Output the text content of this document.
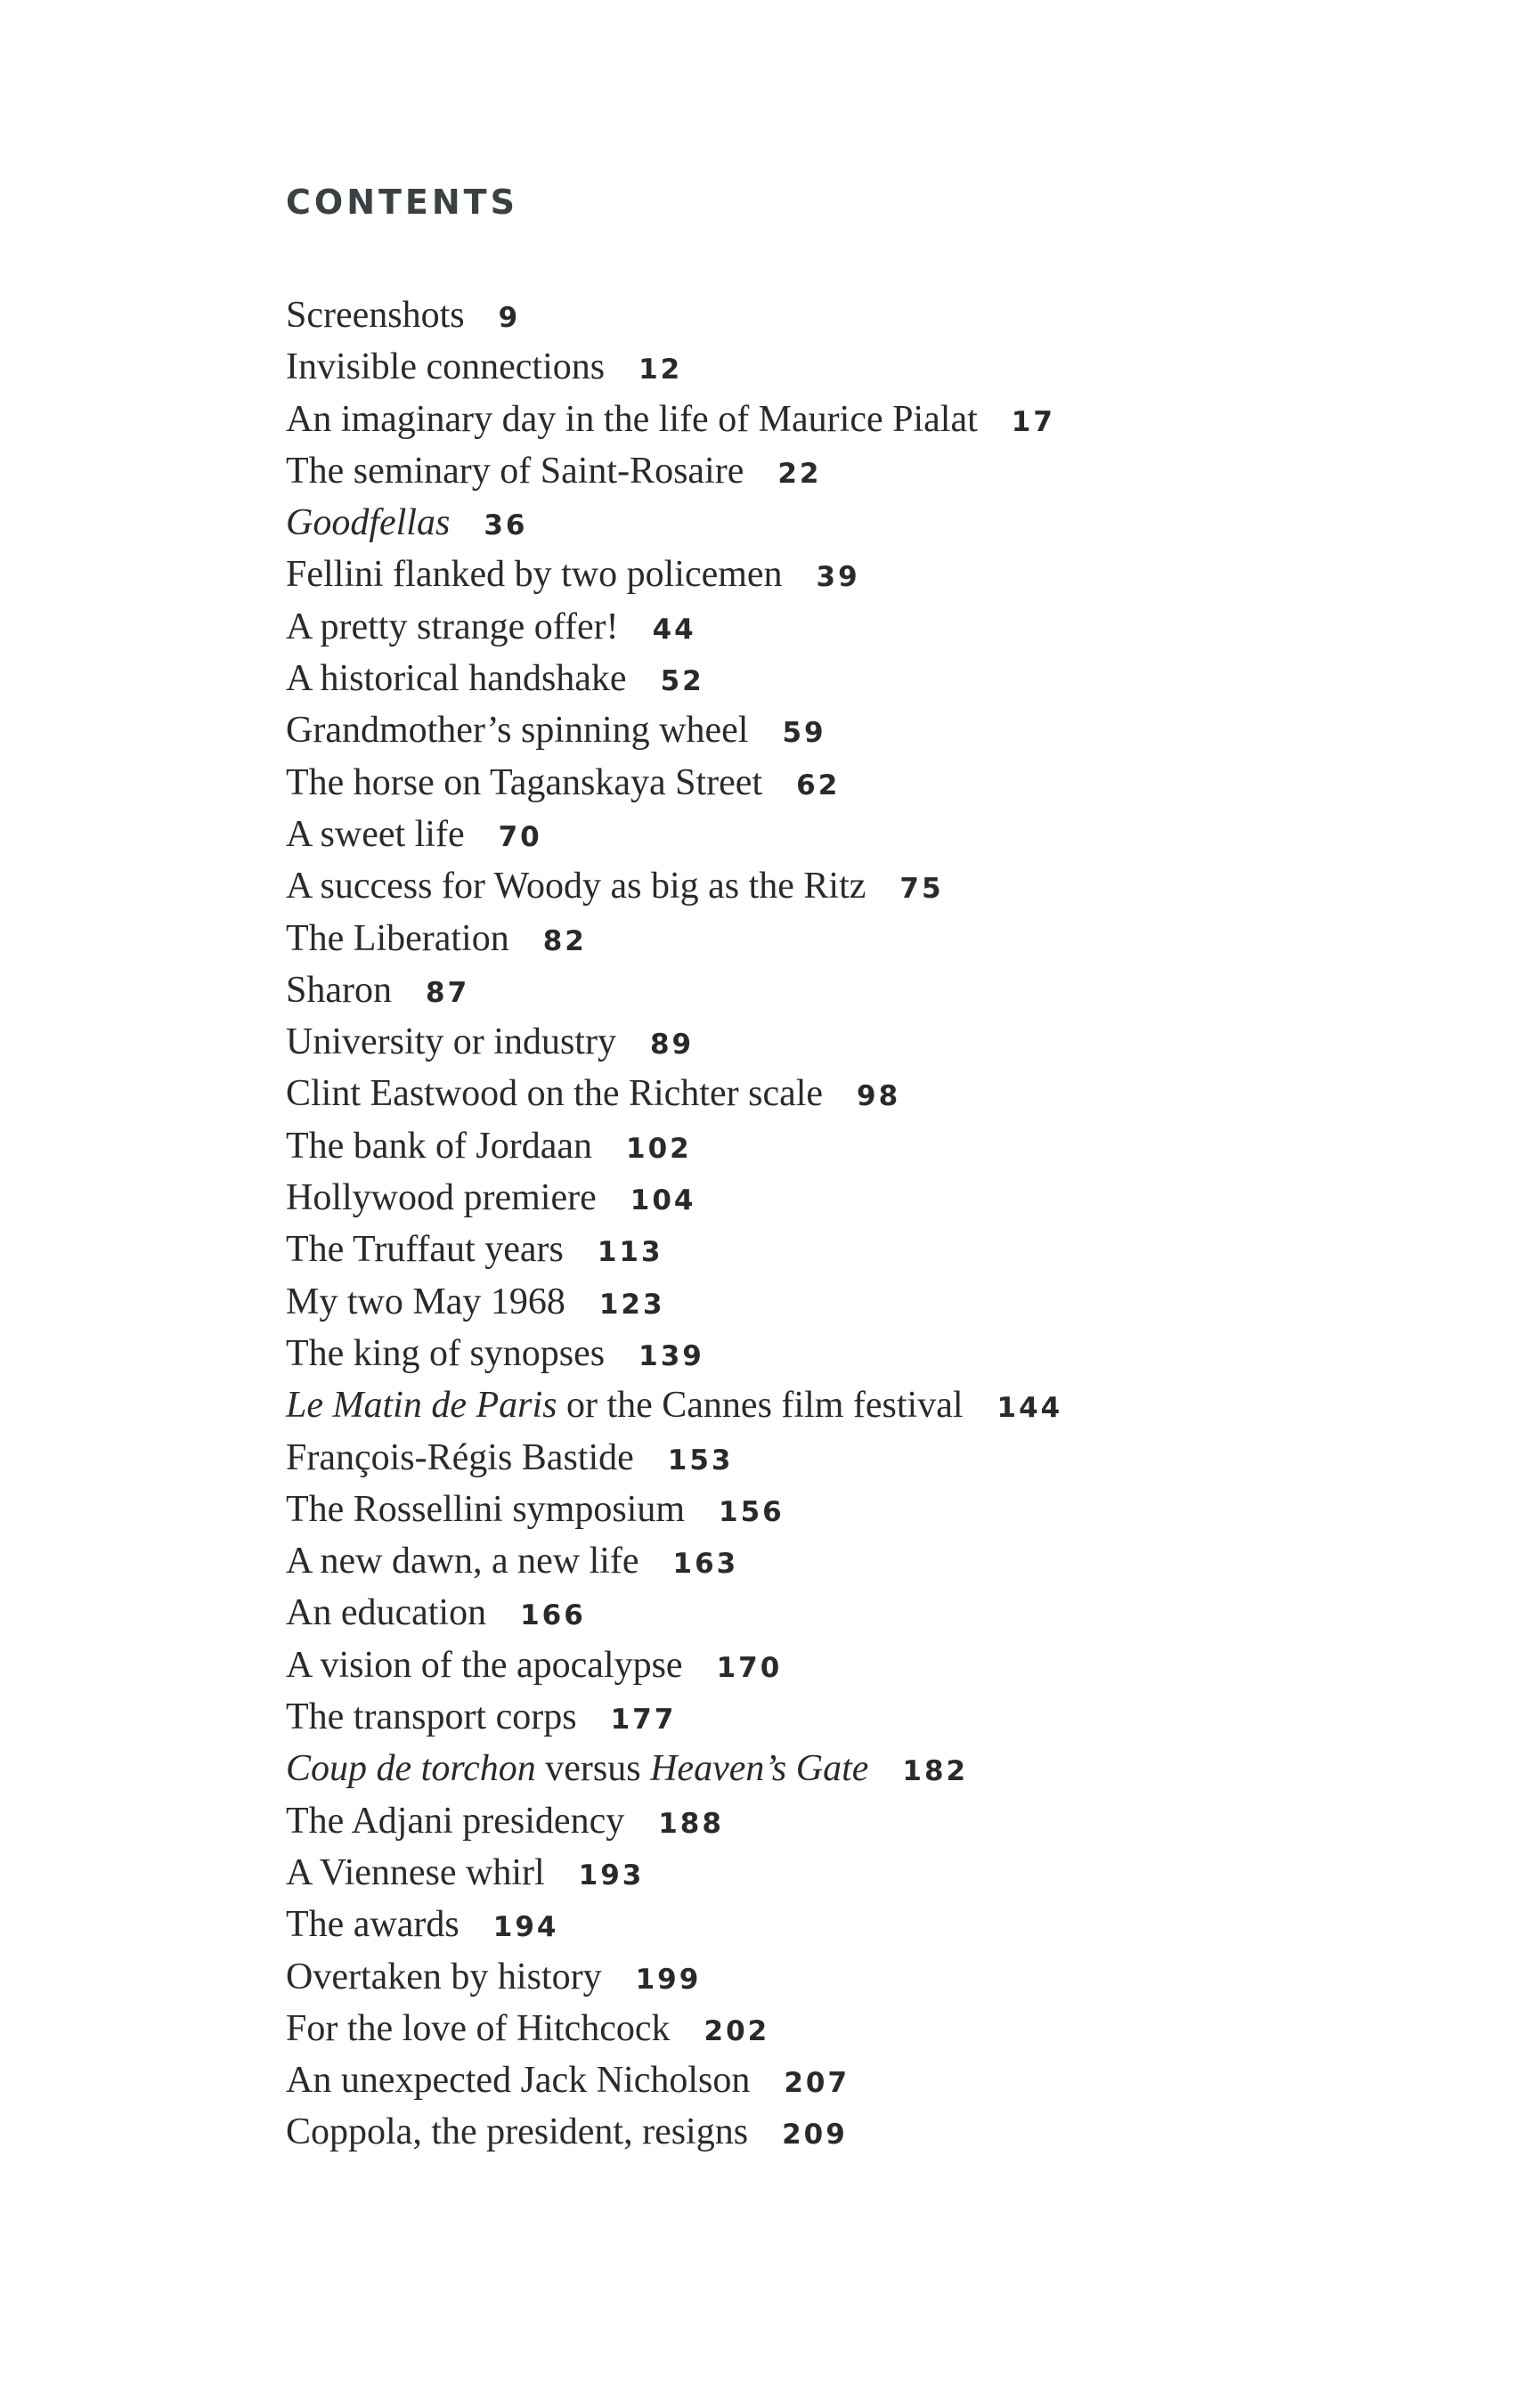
CONTENTS
Screenshots 9
Invisible connections 12
An imaginary day in the life of Maurice Pialat 17
The seminary of Saint-Rosaire 22
Goodfellas 36
Fellini flanked by two policemen 39
A pretty strange offer! 44
A historical handshake 52
Grandmother’s spinning wheel 59
The horse on Taganskaya Street 62
A sweet life 70
A success for Woody as big as the Ritz 75
The Liberation 82
Sharon 87
University or industry 89
Clint Eastwood on the Richter scale 98
The bank of Jordaan 102
Hollywood premiere 104
The Truffaut years 113
My two May 1968 123
The king of synopses 139
Le Matin de Paris or the Cannes film festival 144
François-Régis Bastide 153
The Rossellini symposium 156
A new dawn, a new life 163
An education 166
A vision of the apocalypse 170
The transport corps 177
Coup de torchon versus Heaven’s Gate 182
The Adjani presidency 188
A Viennese whirl 193
The awards 194
Overtaken by history 199
For the love of Hitchcock 202
An unexpected Jack Nicholson 207
Coppola, the president, resigns 209
